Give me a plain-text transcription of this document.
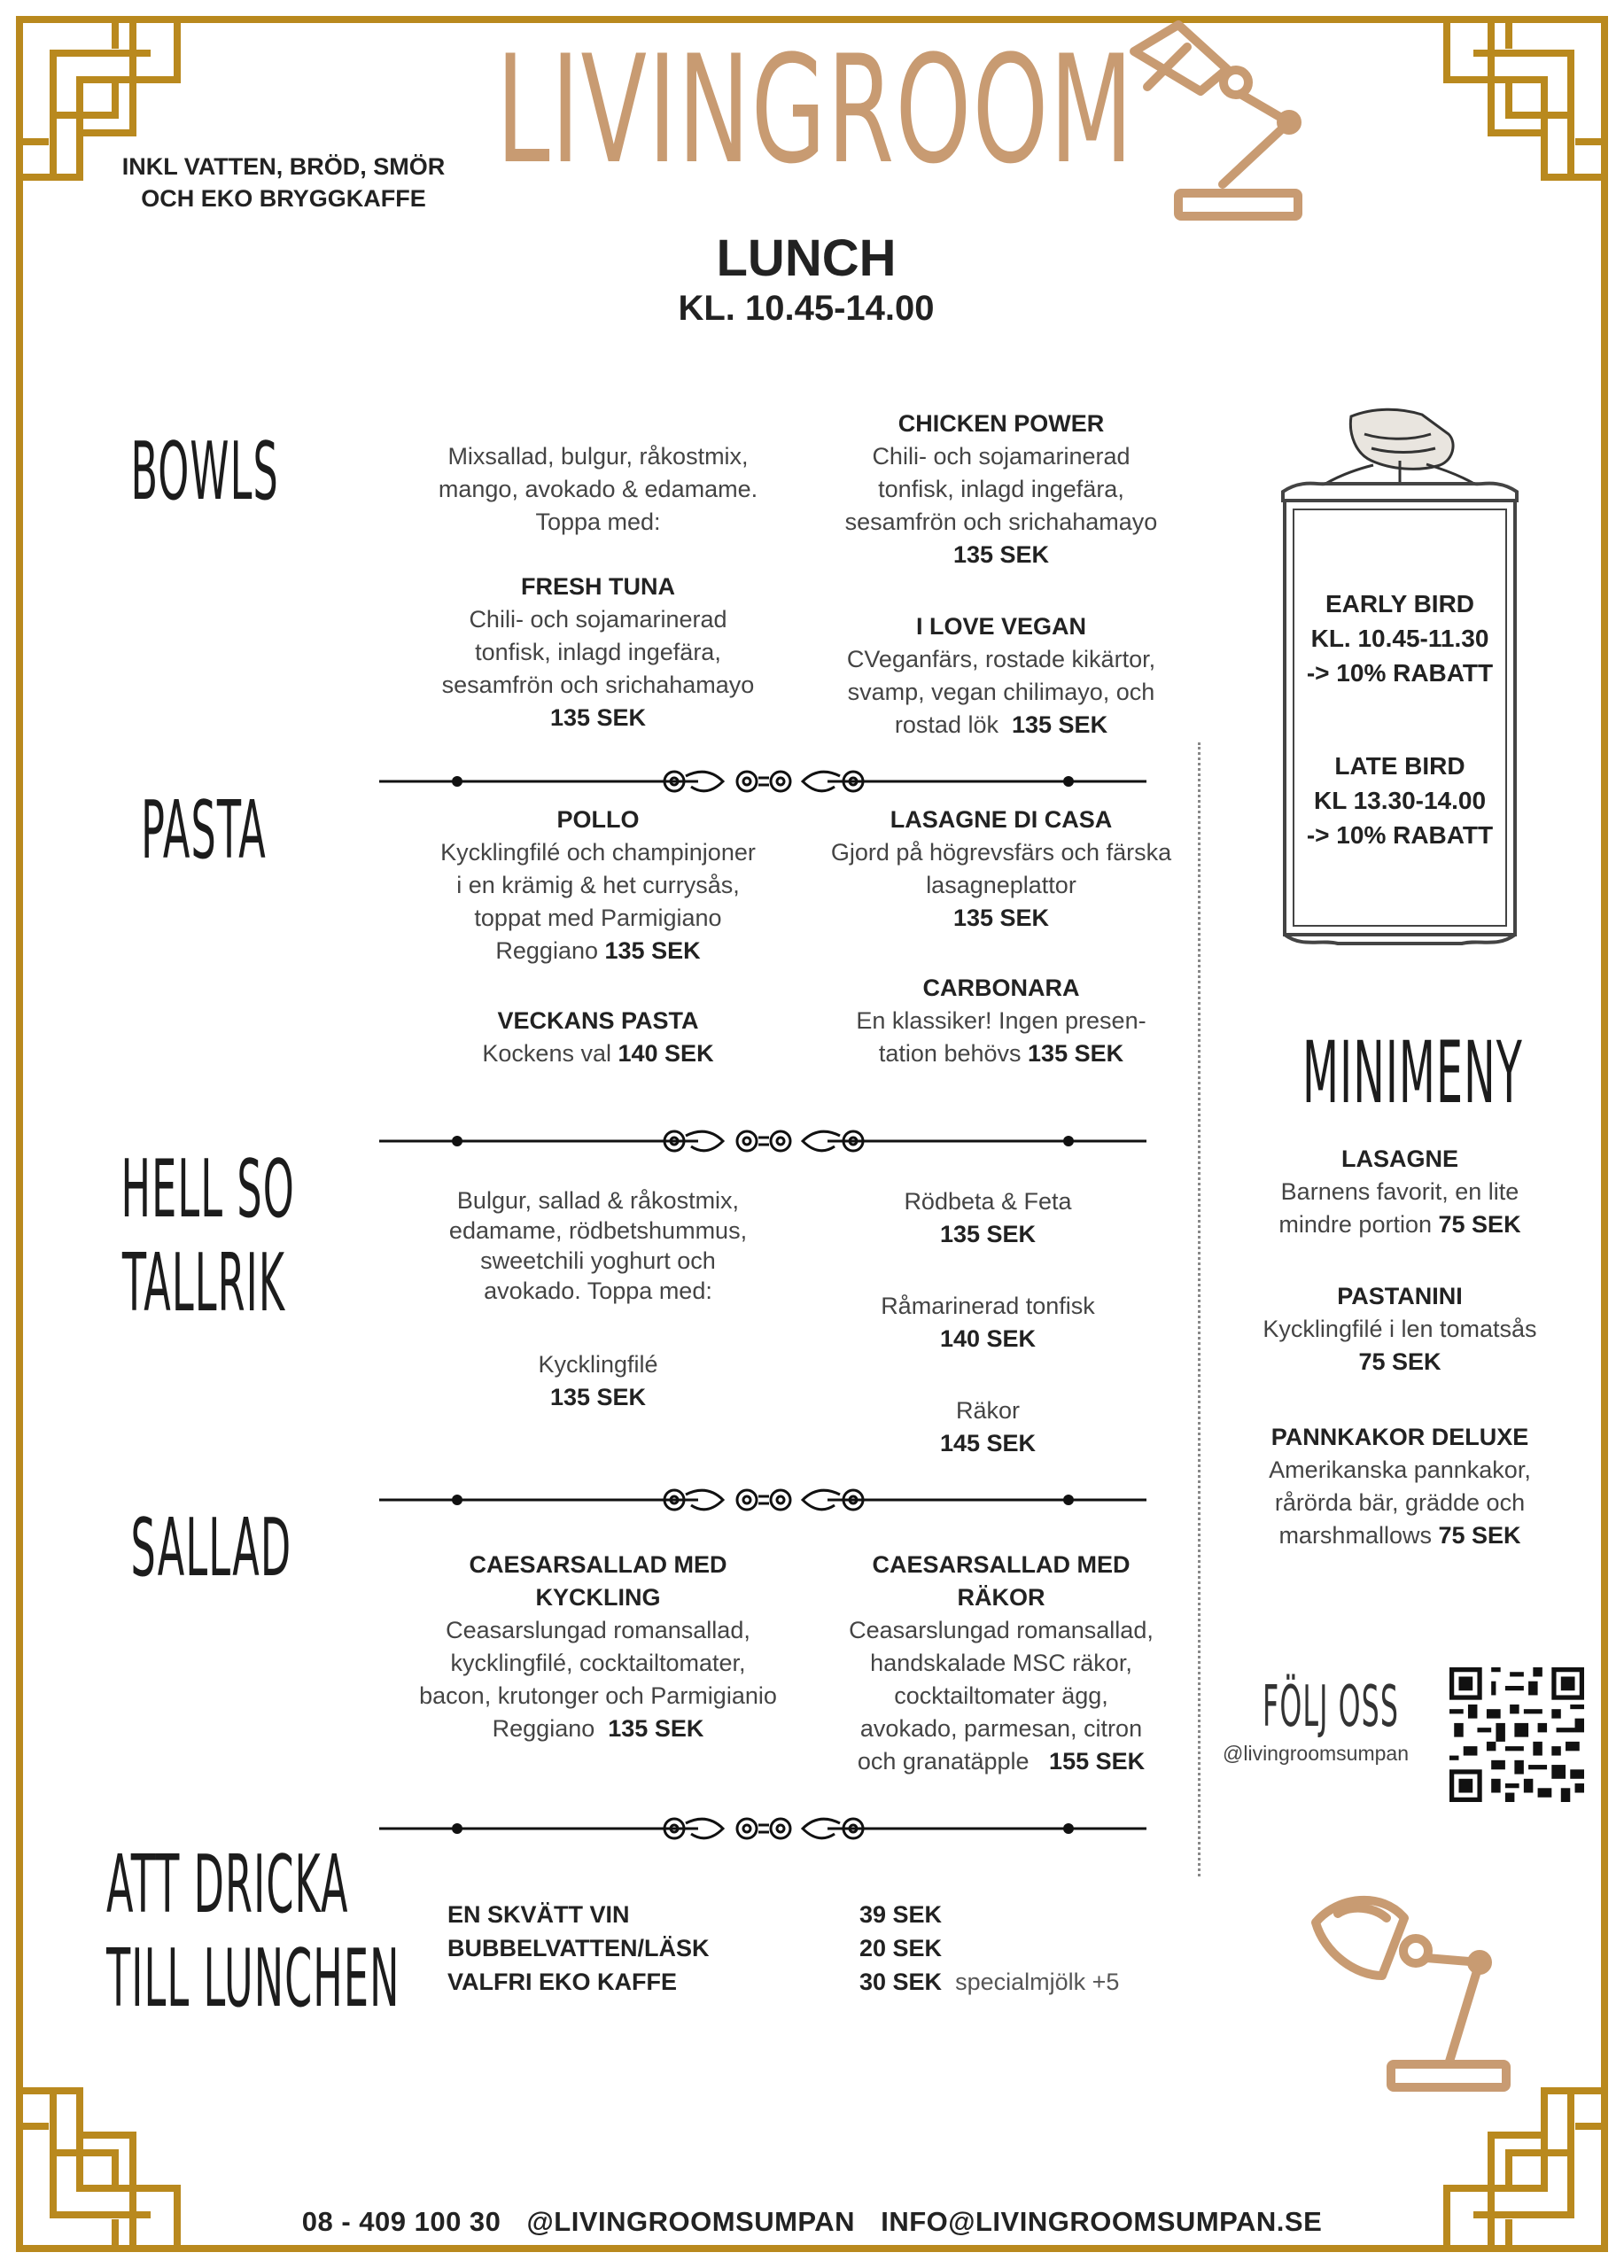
LIVINGROOM
INKL VATTEN, BRÖD, SMÖR
OCH EKO BRYGGKAFFE
LUNCH
KL. 10.45-14.00
BOWLS
PASTA
HELL SO
TALLRIK
SALLAD
ATT DRICKA
TILL LUNCHEN
Mixsallad, bulgur, råkostmix,
mango, avokado & edamame.
Toppa med:
FRESH TUNA
Chili- och sojamarinerad
tonfisk, inlagd ingefära,
sesamfrön och srichahamayo
135 SEK
CHICKEN POWER
Chili- och sojamarinerad
tonfisk, inlagd ingefära,
sesamfrön och srichahamayo
135 SEK
I LOVE VEGAN
CVeganfärs, rostade kikärtor,
svamp, vegan chilimayo, och
rostad lök 135 SEK
POLLO
Kycklingfilé och champinjoner
i en krämig & het currysås,
toppat med Parmigiano
Reggiano 135 SEK
LASAGNE DI CASA
Gjord på högrevsfärs och färska
lasagneplattor
135 SEK
VECKANS PASTA
Kockens val 140 SEK
CARBONARA
En klassiker! Ingen presen-
tation behövs 135 SEK
Bulgur, sallad & råkostmix,
edamame, rödbetshummus,
sweetchili yoghurt och
avokado. Toppa med:
Kycklingfilé
135 SEK
Rödbeta & Feta
135 SEK
Råmarinerad tonfisk
140 SEK
Räkor
145 SEK
CAESARSALLAD MED
KYCKLING
Ceasarslungad romansallad,
kycklingfilé, cocktailtomater,
bacon, krutonger och Parmigianio
Reggiano 135 SEK
CAESARSALLAD MED
RÄKOR
Ceasarslungad romansallad,
handskalade MSC räkor,
cocktailtomater ägg,
avokado, parmesan, citron
och granatäpple 155 SEK
EN SKVÄTT VIN
BUBBELVATTEN/LÄSK
VALFRI EKO KAFFE
39 SEK
20 SEK
30 SEK specialmjölk +5
EARLY BIRD
KL. 10.45-11.30
-> 10% RABATT
LATE BIRD
KL 13.30-14.00
-> 10% RABATT
MINIMENY
LASAGNE
Barnens favorit, en lite
mindre portion 75 SEK
PASTANINI
Kycklingfilé i len tomatsås
75 SEK
PANNKAKOR DELUXE
Amerikanska pannkakor,
rårörda bär, grädde och
marshmallows 75 SEK
FÖLJ OSS
@livingroomsumpan
08 - 409 100 30 @LIVINGROOMSUMPAN INFO@LIVINGROOMSUMPAN.SE
